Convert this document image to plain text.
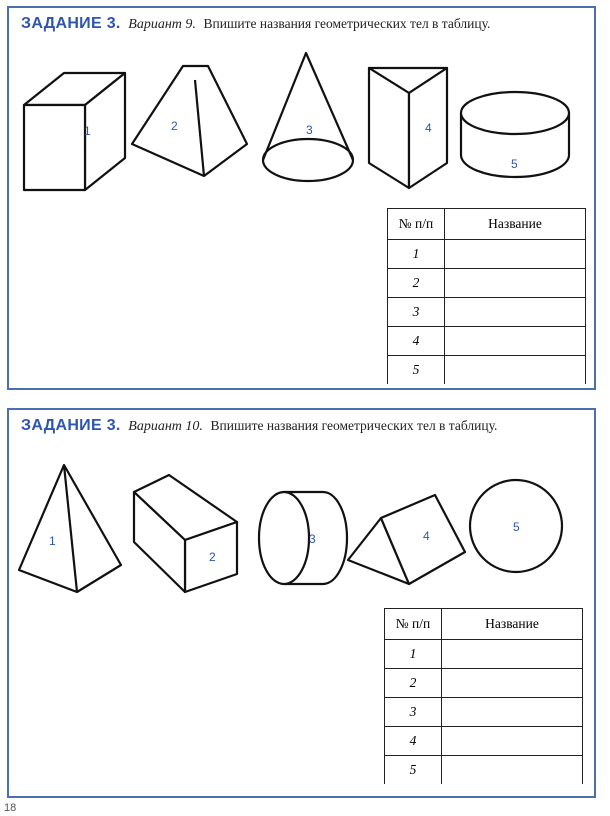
ЗАДАНИЕ 3. Вариант 9. Впишите названия геометрических тел в таблицу.
1	2	3	4
5
№ п/п	Название
1	
2	
3	
4	
5	
ЗАДАНИЕ 3. Вариант 10. Впишите названия геометрических тел в таблицу.
1
2
3	4
5
№ п/п	Название
1	
2	
3	
4	
5	
18
